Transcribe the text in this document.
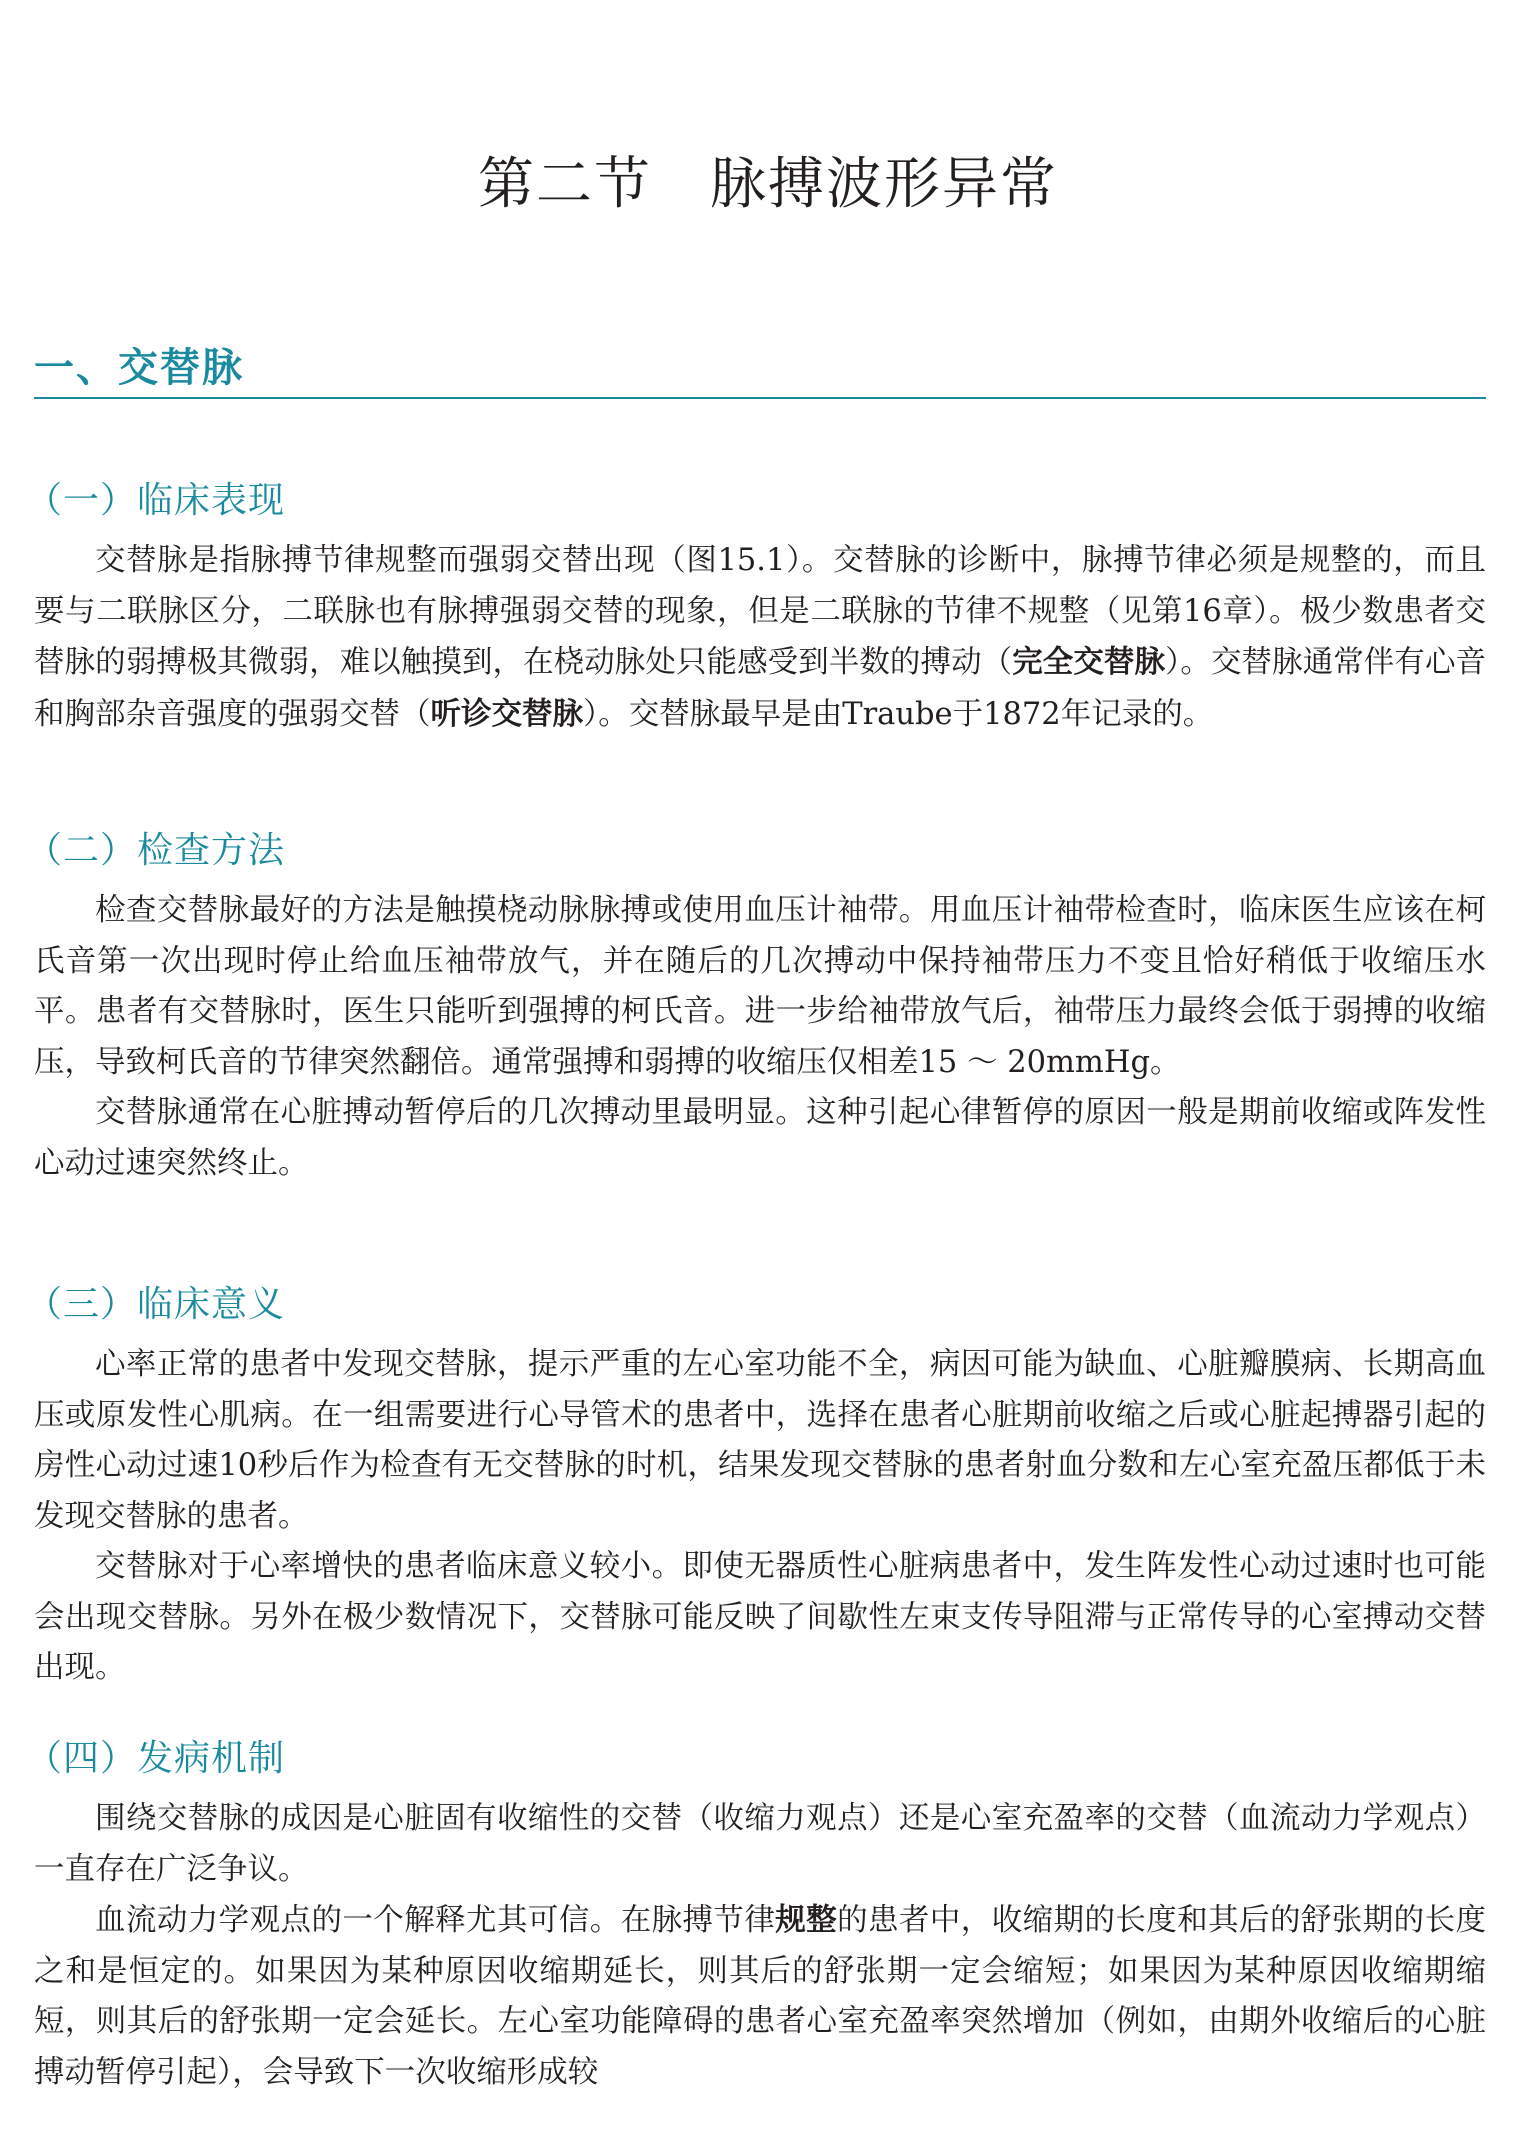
第二节　脉搏波形异常
一、交替脉
（一）临床表现

交替脉是指脉搏节律规整而强弱交替出现（图15.1）。交替脉的诊断中，脉搏节律必须是规整的，而且要与二联脉区分，二联脉也有脉搏强弱交替的现象，但是二联脉的节律不规整（见第16章）。极少数患者交替脉的弱搏极其微弱，难以触摸到，在桡动脉处只能感受到半数的搏动（完全交替脉）。交替脉通常伴有心音和胸部杂音强度的强弱交替（听诊交替脉）。交替脉最早是由Traube于1872年记录的。

（二）检查方法

检查交替脉最好的方法是触摸桡动脉脉搏或使用血压计袖带。用血压计袖带检查时，临床医生应该在柯氏音第一次出现时停止给血压袖带放气，并在随后的几次搏动中保持袖带压力不变且恰好稍低于收缩压水平。患者有交替脉时，医生只能听到强搏的柯氏音。进一步给袖带放气后，袖带压力最终会低于弱搏的收缩压，导致柯氏音的节律突然翻倍。通常强搏和弱搏的收缩压仅相差15 ～ 20mmHg。

交替脉通常在心脏搏动暂停后的几次搏动里最明显。这种引起心律暂停的原因一般是期前收缩或阵发性心动过速突然终止。

（三）临床意义

心率正常的患者中发现交替脉，提示严重的左心室功能不全，病因可能为缺血、心脏瓣膜病、长期高血压或原发性心肌病。在一组需要进行心导管术的患者中，选择在患者心脏期前收缩之后或心脏起搏器引起的房性心动过速10秒后作为检查有无交替脉的时机，结果发现交替脉的患者射血分数和左心室充盈压都低于未发现交替脉的患者。

交替脉对于心率增快的患者临床意义较小。即使无器质性心脏病患者中，发生阵发性心动过速时也可能会出现交替脉。另外在极少数情况下，交替脉可能反映了间歇性左束支传导阻滞与正常传导的心室搏动交替出现。

（四）发病机制

围绕交替脉的成因是心脏固有收缩性的交替（收缩力观点）还是心室充盈率的交替（血流动力学观点）一直存在广泛争议。

血流动力学观点的一个解释尤其可信。在脉搏节律规整的患者中，收缩期的长度和其后的舒张期的长度之和是恒定的。如果因为某种原因收缩期延长，则其后的舒张期一定会缩短；如果因为某种原因收缩期缩短，则其后的舒张期一定会延长。左心室功能障碍的患者心室充盈率突然增加（例如，由期外收缩后的心脏搏动暂停引起），会导致下一次收缩形成较
